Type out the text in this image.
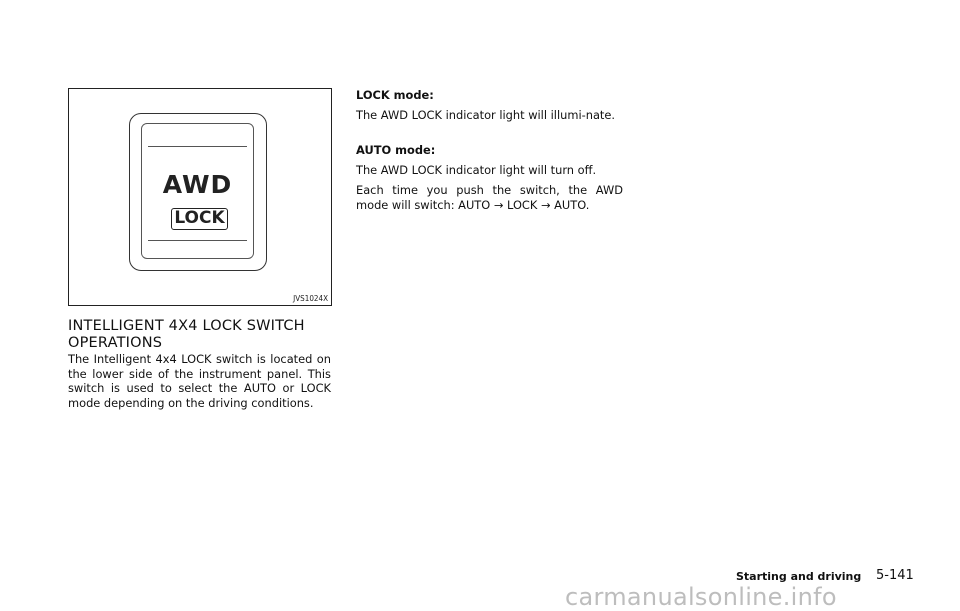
AWD
LOCK
JVS1024X
INTELLIGENT 4X4 LOCK SWITCH OPERATIONS
The Intelligent 4x4 LOCK switch is located on the lower side of the instrument panel. This switch is used to select the AUTO or LOCK mode depending on the driving conditions.
LOCK mode:
The AWD LOCK indicator light will illumi-nate.
AUTO mode:
The AWD LOCK indicator light will turn off.
Each time you push the switch, the AWD mode will switch: AUTO → LOCK → AUTO.
Starting and driving 5-141
carmanualsonline.info
